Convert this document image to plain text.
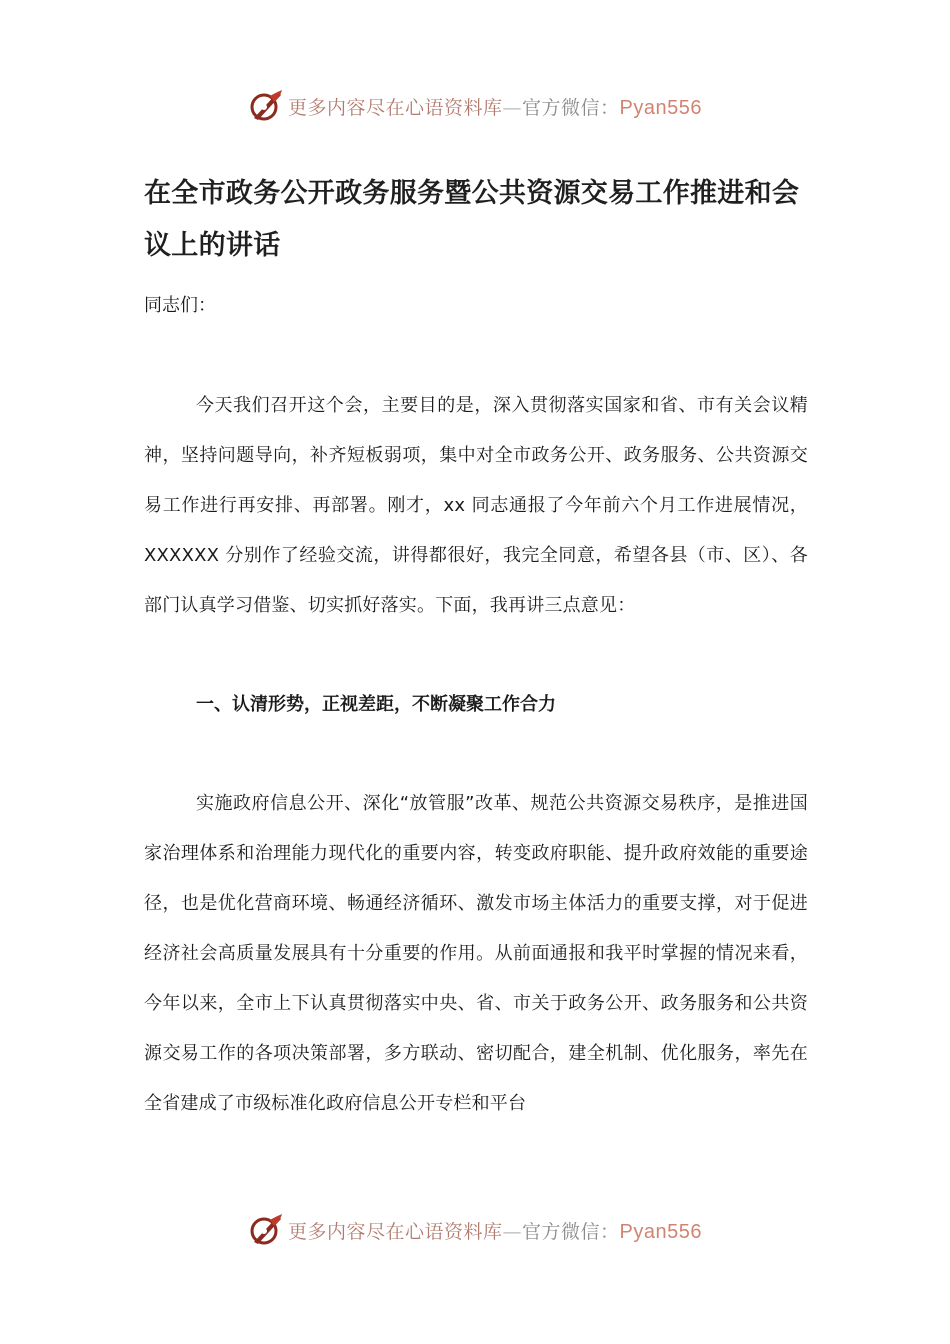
更多内容尽在心语资料库—官方微信：Pyan556
在全市政务公开政务服务暨公共资源交易工作推进和会议上的讲话

同志们：

今天我们召开这个会，主要目的是，深入贯彻落实国家和省、市有关会议精神，坚持问题导向，补齐短板弱项，集中对全市政务公开、政务服务、公共资源交易工作进行再安排、再部署。刚才，xx 同志通报了今年前六个月工作进展情况，XXXXXX 分别作了经验交流，讲得都很好，我完全同意，希望各县（市、区）、各部门认真学习借鉴、切实抓好落实。下面，我再讲三点意见：

一、认清形势，正视差距，不断凝聚工作合力

实施政府信息公开、深化“放管服”改革、规范公共资源交易秩序，是推进国家治理体系和治理能力现代化的重要内容，转变政府职能、提升政府效能的重要途径，也是优化营商环境、畅通经济循环、激发市场主体活力的重要支撑，对于促进经济社会高质量发展具有十分重要的作用。从前面通报和我平时掌握的情况来看，今年以来，全市上下认真贯彻落实中央、省、市关于政务公开、政务服务和公共资源交易工作的各项决策部署，多方联动、密切配合，建全机制、优化服务，率先在全省建成了市级标准化政府信息公开专栏和平台

更多内容尽在心语资料库—官方微信：Pyan556
